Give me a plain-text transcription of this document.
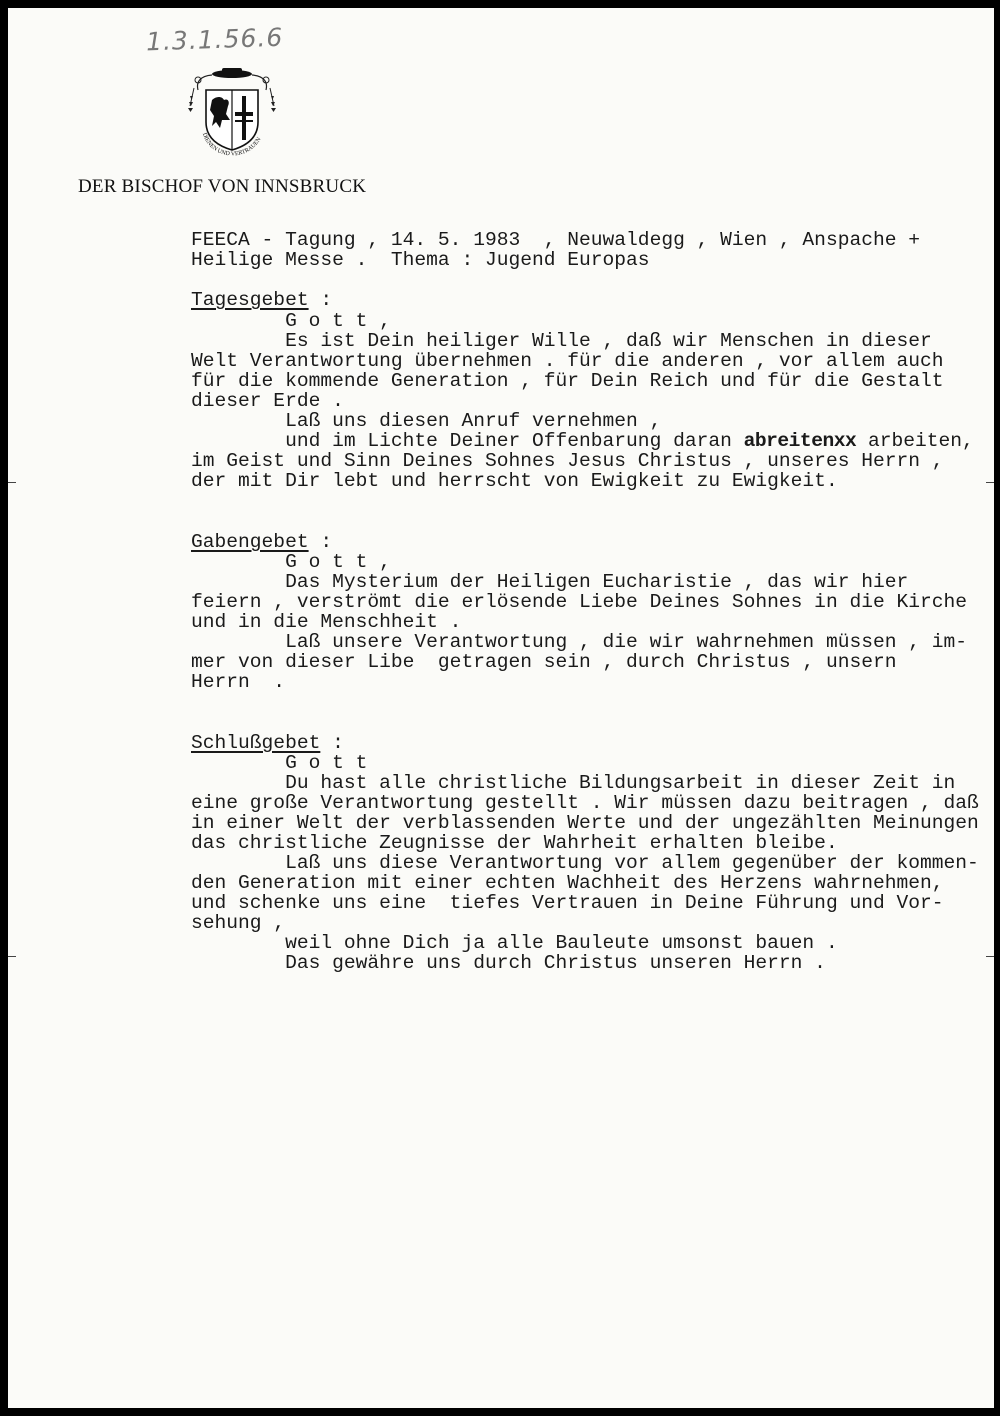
1.3.1.56.6
DIENEN UND VERTRAUEN
DER BISCHOF VON INNSBRUCK
FEECA - Tagung , 14. 5. 1983  , Neuwaldegg , Wien , Anspache +
Heilige Messe .  Thema : Jugend Europas
Tagesgebet :
G o t t ,
Es ist Dein heiliger Wille , daß wir Menschen in dieser
Welt Verantwortung übernehmen . für die anderen , vor allem auch
für die kommende Generation , für Dein Reich und für die Gestalt
dieser Erde .
Laß uns diesen Anruf vernehmen ,
und im Lichte Deiner Offenbarung daran abreitenxx arbeiten,
im Geist und Sinn Deines Sohnes Jesus Christus , unseres Herrn ,
der mit Dir lebt und herrscht von Ewigkeit zu Ewigkeit.
Gabengebet :
G o t t ,
Das Mysterium der Heiligen Eucharistie , das wir hier
feiern , verströmt die erlösende Liebe Deines Sohnes in die Kirche
und in die Menschheit .
Laß unsere Verantwortung , die wir wahrnehmen müssen , im-
mer von dieser Libe  getragen sein , durch Christus , unsern
Herrn  .
Schlußgebet :
G o t t
Du hast alle christliche Bildungsarbeit in dieser Zeit in
eine große Verantwortung gestellt . Wir müssen dazu beitragen , daß
in einer Welt der verblassenden Werte und der ungezählten Meinungen
das christliche Zeugnisse der Wahrheit erhalten bleibe.
Laß uns diese Verantwortung vor allem gegenüber der kommen-
den Generation mit einer echten Wachheit des Herzens wahrnehmen,
und schenke uns eine  tiefes Vertrauen in Deine Führung und Vor-
sehung ,
weil ohne Dich ja alle Bauleute umsonst bauen .
Das gewähre uns durch Christus unseren Herrn .
